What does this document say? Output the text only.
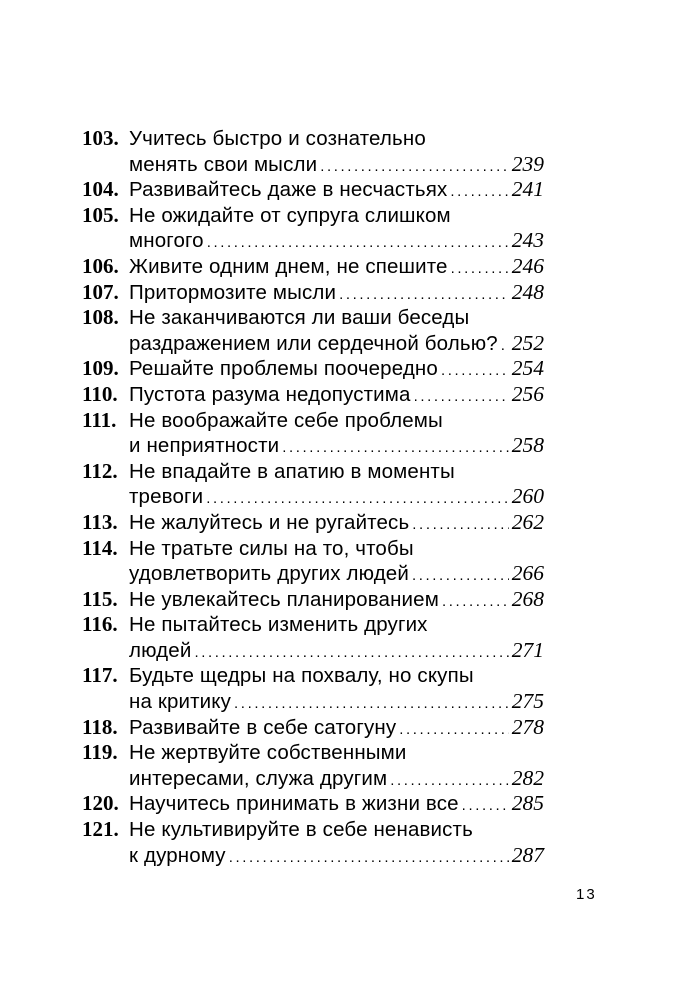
103. Учитесь быстро и сознательно
менять свои мысли .....	239
104. Развивайтесь даже в несчастьях .....	241
105. Не ожидайте от супруга слишком
многого .....	243
106. Живите одним днем, не спешите .....	246
107. Притормозите мысли .....	248
108. Не заканчиваются ли ваши беседы
раздражением или сердечной болью? ..... 252
109. Решайте проблемы поочередно .....	254
110. Пустота разума недопустима .....	256
111. Не воображайте себе проблемы
и неприятности .....	258
112. Не впадайте в апатию в моменты
тревоги .....	260
113. Не жалуйтесь и не ругайтесь .....	262
114. Не тратьте силы на то, чтобы
удовлетворить других людей .....	266
115. Не увлекайтесь планированием .....	268
116. Не пытайтесь изменить других
людей .....	271
117. Будьте щедры на похвалу, но скупы
на критику .....	275
118. Развивайте в себе сатогуну .....	278
119. Не жертвуйте собственными
интересами, служа другим .....	282
120. Научитесь принимать в жизни все ..... 285
121. Не культивируйте в себе ненависть
к дурному .....	287
13
